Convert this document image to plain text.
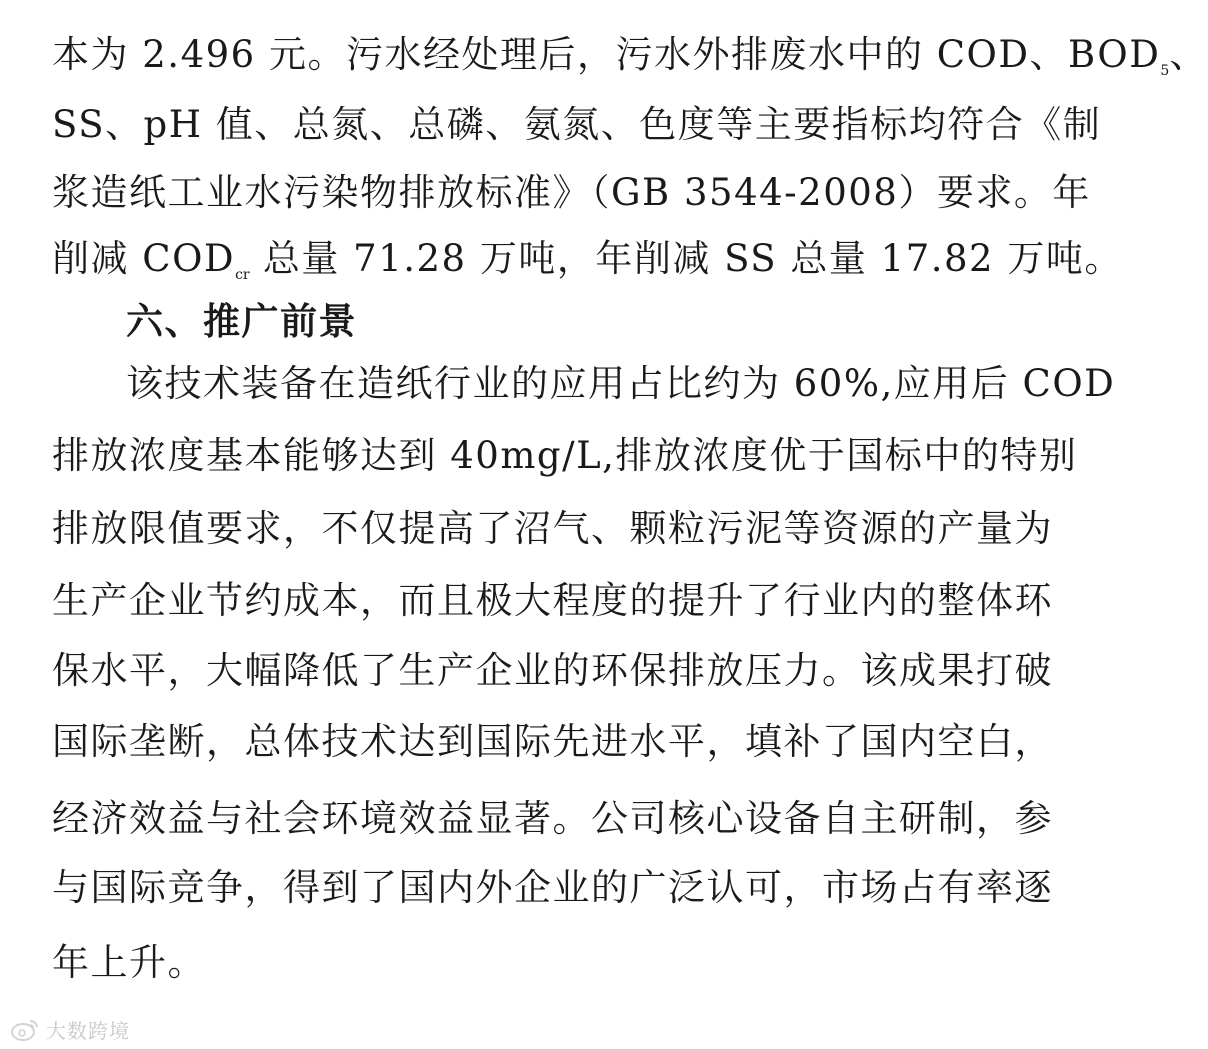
本为 2.496 元。污水经处理后，污水外排废水中的 COD、$BOD_5$、
SS、pH 值、总氮、总磷、氨氮、色度等主要指标均符合《制
浆造纸工业水污染物排放标准》（GB 3544-2008）要求。年
削减 $COD_{cr}$ 总量 71.28 万吨，年削减 SS 总量 17.82 万吨。
六、推广前景
该技术装备在造纸行业的应用占比约为 60%,应用后 COD
排放浓度基本能够达到 40mg/L,排放浓度优于国标中的特别
排放限值要求，不仅提高了沼气、颗粒污泥等资源的产量为
生产企业节约成本，而且极大程度的提升了行业内的整体环
保水平，大幅降低了生产企业的环保排放压力。该成果打破
国际垄断，总体技术达到国际先进水平，填补了国内空白，
经济效益与社会环境效益显著。公司核心设备自主研制，参
与国际竞争，得到了国内外企业的广泛认可，市场占有率逐
年上升。
大数跨境
